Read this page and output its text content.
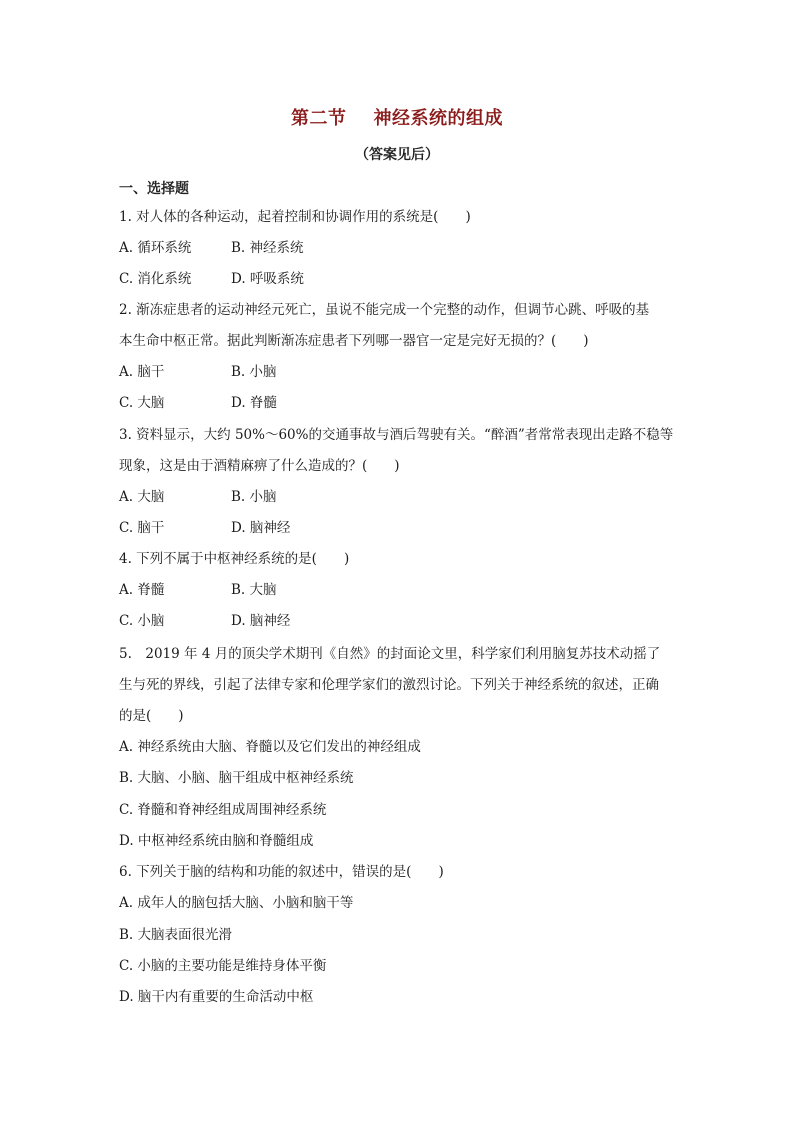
第二节    神经系统的组成
（答案见后）
一、选择题
1. 对人体的各种运动，起着控制和协调作用的系统是(　　)
A. 循环系统	B. 神经系统
C. 消化系统	D. 呼吸系统
2. 渐冻症患者的运动神经元死亡，虽说不能完成一个完整的动作，但调节心跳、呼吸的基
本生命中枢正常。据此判断渐冻症患者下列哪一器官一定是完好无损的？(　　)
A. 脑干	B. 小脑
C. 大脑	D. 脊髓
3. 资料显示，大约 50%～60%的交通事故与酒后驾驶有关。“醉酒”者常常表现出走路不稳等
现象，这是由于酒精麻痹了什么造成的？(　　)
A. 大脑	B. 小脑
C. 脑干	D. 脑神经
4. 下列不属于中枢神经系统的是(　　)
A. 脊髓	B. 大脑
C. 小脑	D. 脑神经
5.　2019 年 4 月的顶尖学术期刊《自然》的封面论文里，科学家们利用脑复苏技术动摇了
生与死的界线，引起了法律专家和伦理学家们的激烈讨论。下列关于神经系统的叙述，正确
的是(　　)
A. 神经系统由大脑、脊髓以及它们发出的神经组成
B. 大脑、小脑、脑干组成中枢神经系统
C. 脊髓和脊神经组成周围神经系统
D. 中枢神经系统由脑和脊髓组成
6. 下列关于脑的结构和功能的叙述中，错误的是(　　)
A. 成年人的脑包括大脑、小脑和脑干等
B. 大脑表面很光滑
C. 小脑的主要功能是维持身体平衡
D. 脑干内有重要的生命活动中枢
